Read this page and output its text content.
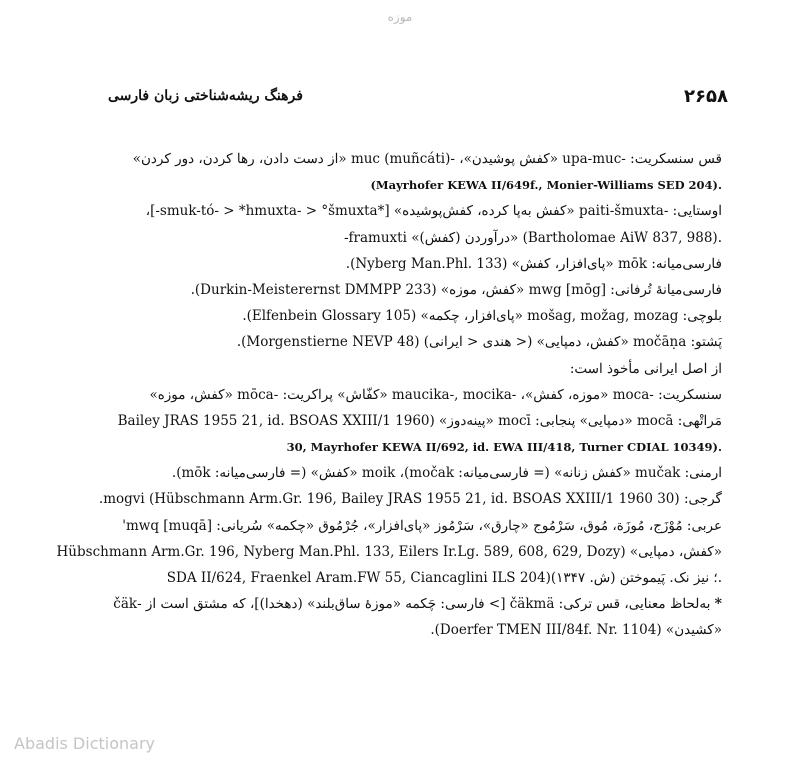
موزه
فرهنگ ریشه‌شناختی زبان فارسی	۲۶۵۸
قس سنسکریت: -upa-muc «کفش پوشیدن»، -muc (muñcáti) «از دست دادن، رها کردن، دور کردن»
(Mayrhofer KEWA II/649f., Monier-Williams SED 204).
اوستایی: -paiti-šmuxta «کفش به‌پا کرده، کفش‌پوشیده» [*smuk-tó- > *hmuxta- > °šmuxta-]،
-framuxti «درآوردن (کفش)» (Bartholomae AiW 837, 988).
فارسی‌میانه: mōk «پای‌افزار، کفش» (Nyberg Man.Phl. 133).
فارسی‌میانهٔ تُرفانی: mwg [mōg] «کفش، موزه» (Durkin-Meisterernst DMMPP 233).
بلوچی: mošag, možag, mozag «پای‌افزار، چکمه» (Elfenbein Glossary 105).
پَشتو: močāṇa «کفش، دمپایی» (< هندی < ایرانی) (Morgenstierne NEVP 48).
از اصل ایرانی مأخوذ است:
سنسکریت: -moca «موزه، کفش»، -maucika-, mocika «کفّاش» پراکریت: -mōca «کفش، موزه»
مَراتْهی: mocā «دمپایی» پنجابی: mocī «پینه‌دوز» (Bailey JRAS 1955 21, id. BSOAS XXIII/1 1960
30, Mayrhofer KEWA II/692, id. EWA III/418, Turner CDIAL 10349).
ارمنی: mučak «کفش زنانه» (= فارسی‌میانه: močak)، moik «کفش» (= فارسی‌میانه: mōk).
گرجی: mogvi (Hübschmann Arm.Gr. 196, Bailey JRAS 1955 21, id. BSOAS XXIII/1 1960 30).
عربی: مُوْزَج، مُوزَة، مُوق، سَرْمُوج «چارق»، سَرْمُوز «پای‌افزار»، جُرْمُوق «چکمه» سُریانی: [muqā] mwq'
«کفش، دمپایی» (Hübschmann Arm.Gr. 196, Nyberg Man.Phl. 133, Eilers Ir.Lg. 589, 608, 629, Dozy
SDA II/624, Fraenkel Aram.FW 55, Ciancaglini ILS 204)؛ نیز نک. پَیموختن (ش. ۱۳۴۷).
* به‌لحاظ معنایی، قس ترکی: čäkmä [> فارسی: چَکمه «موزهٔ ساق‌بلند» (دهخدا)]، که مشتق است از -čäk
«کشیدن» (Doerfer TMEN III/84f. Nr. 1104).
Abadis Dictionary
